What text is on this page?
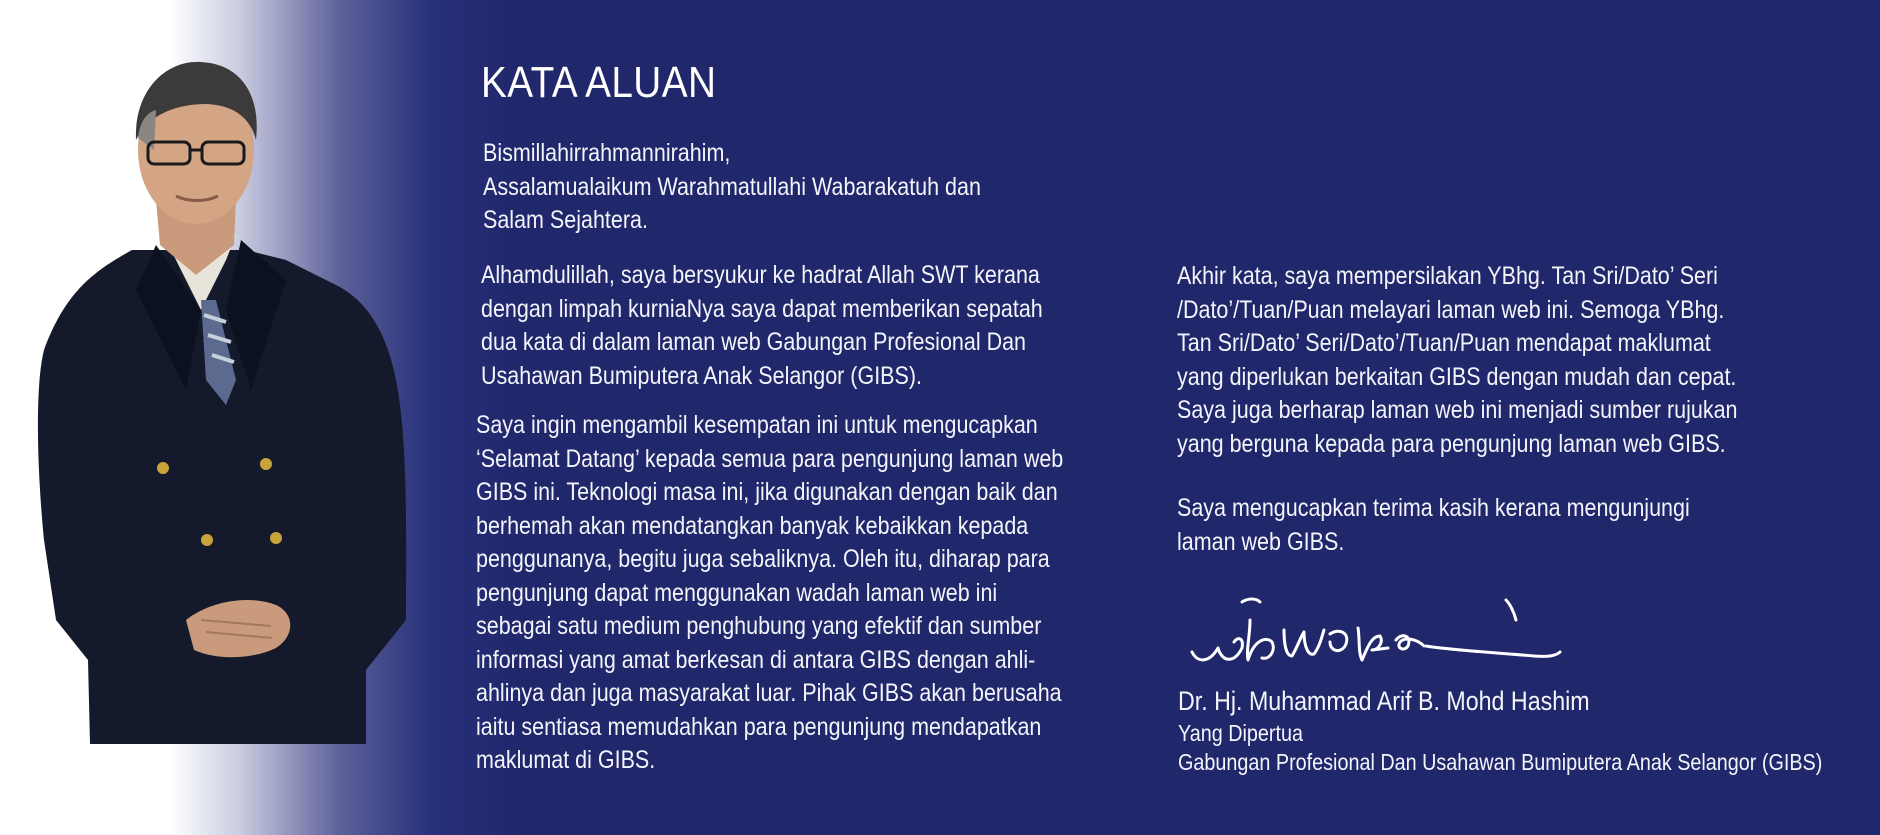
KATA ALUAN

Bismillahirrahmannirahim,
Assalamualaikum Warahmatullahi Wabarakatuh dan
Salam Sejahtera.

Alhamdulillah, saya bersyukur ke hadrat Allah SWT kerana
dengan limpah kurniaNya saya dapat memberikan sepatah
dua kata di dalam laman web Gabungan Profesional Dan
Usahawan Bumiputera Anak Selangor (GIBS).

Saya ingin mengambil kesempatan ini untuk mengucapkan
‘Selamat Datang’ kepada semua para pengunjung laman web
GIBS ini. Teknologi masa ini, jika digunakan dengan baik dan
berhemah akan mendatangkan banyak kebaikkan kepada
penggunanya, begitu juga sebaliknya. Oleh itu, diharap para
pengunjung dapat menggunakan wadah laman web ini
sebagai satu medium penghubung yang efektif dan sumber
informasi yang amat berkesan di antara GIBS dengan ahli-
ahlinya dan juga masyarakat luar. Pihak GIBS akan berusaha
iaitu sentiasa memudahkan para pengunjung mendapatkan
maklumat di GIBS.

Akhir kata, saya mempersilakan YBhg. Tan Sri/Dato’ Seri
/Dato’/Tuan/Puan melayari laman web ini. Semoga YBhg.
Tan Sri/Dato’ Seri/Dato’/Tuan/Puan mendapat maklumat
yang diperlukan berkaitan GIBS dengan mudah dan cepat.
Saya juga berharap laman web ini menjadi sumber rujukan
yang berguna kepada para pengunjung laman web GIBS.

Saya mengucapkan terima kasih kerana mengunjungi
laman web GIBS.

Dr. Hj. Muhammad Arif B. Mohd Hashim

Yang Dipertua

Gabungan Profesional Dan Usahawan Bumiputera Anak Selangor (GIBS)
